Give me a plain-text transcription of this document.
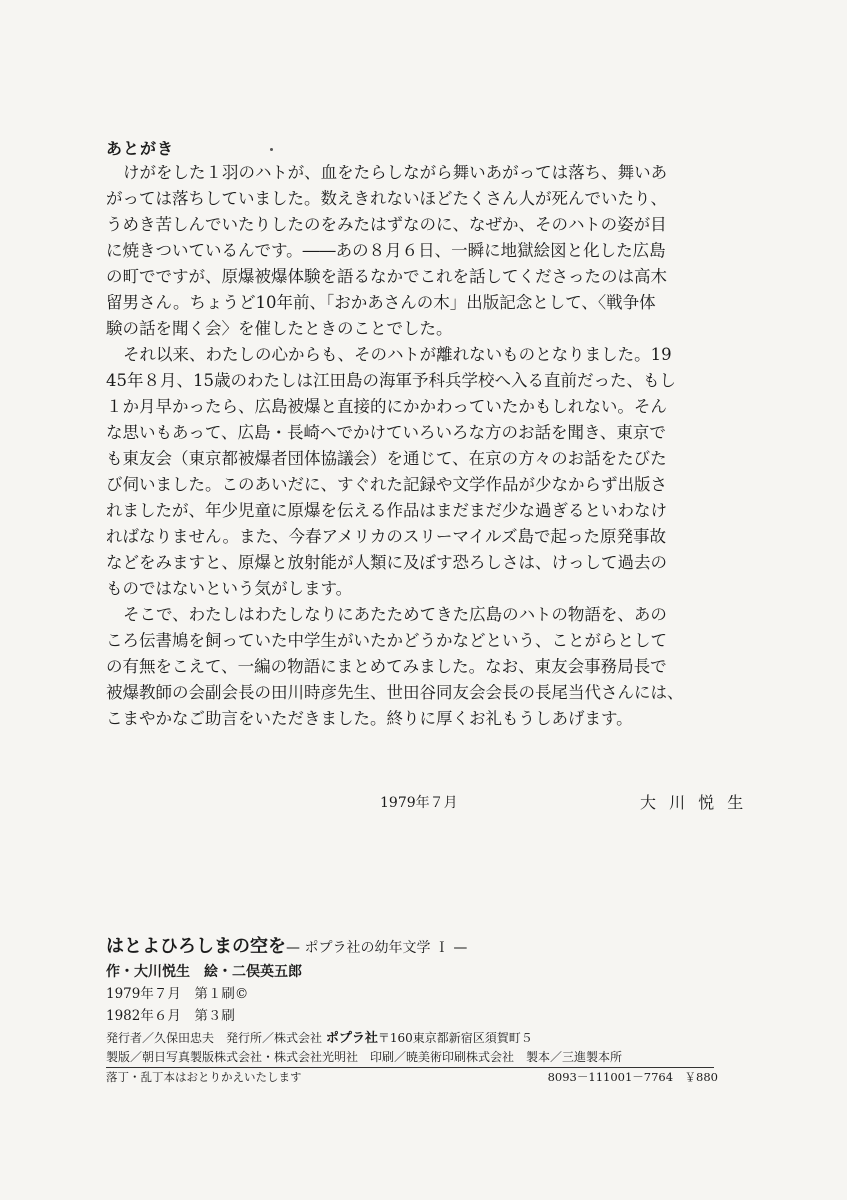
あとがき
けがをした１羽のハトが、血をたらしながら舞いあがっては落ち、舞いあ
がっては落ちしていました。数えきれないほどたくさん人が死んでいたり、
うめき苦しんでいたりしたのをみたはずなのに、なぜか、そのハトの姿が目
に焼きついているんです。――あの８月６日、一瞬に地獄絵図と化した広島
の町でですが、原爆被爆体験を語るなかでこれを話してくださったのは高木
留男さん。ちょうど10年前、「おかあさんの木」出版記念として、〈戦争体
験の話を聞く会〉を催したときのことでした。
それ以来、わたしの心からも、そのハトが離れないものとなりました。19
45年８月、15歳のわたしは江田島の海軍予科兵学校へ入る直前だった、もし
１か月早かったら、広島被爆と直接的にかかわっていたかもしれない。そん
な思いもあって、広島・長崎へでかけていろいろな方のお話を聞き、東京で
も東友会（東京都被爆者団体協議会）を通じて、在京の方々のお話をたびた
び伺いました。このあいだに、すぐれた記録や文学作品が少なからず出版さ
れましたが、年少児童に原爆を伝える作品はまだまだ少な過ぎるといわなけ
ればなりません。また、今春アメリカのスリーマイルズ島で起った原発事故
などをみますと、原爆と放射能が人類に及ぼす恐ろしさは、けっして過去の
ものではないという気がします。
そこで、わたしはわたしなりにあたためてきた広島のハトの物語を、あの
ころ伝書鳩を飼っていた中学生がいたかどうかなどという、ことがらとして
の有無をこえて、一編の物語にまとめてみました。なお、東友会事務局長で
被爆教師の会副会長の田川時彦先生、世田谷同友会会長の長尾当代さんには、
こまやかなご助言をいただきました。終りに厚くお礼もうしあげます。
1979年７月	大 川 悦 生
はとよひろしまの空を— ポプラ社の幼年文学 Ｉ —
作・大川悦生　絵・二俣英五郎
1979年７月　第１刷©
1982年６月　第３刷
発行者／久保田忠夫　発行所／株式会社 ポプラ社〒160東京都新宿区須賀町５
製版／朝日写真製版株式会社・株式会社光明社　印刷／暁美術印刷株式会社　製本／三進製本所
落丁・乱丁本はおとりかえいたします	8093－111001－7764　 ￥880
